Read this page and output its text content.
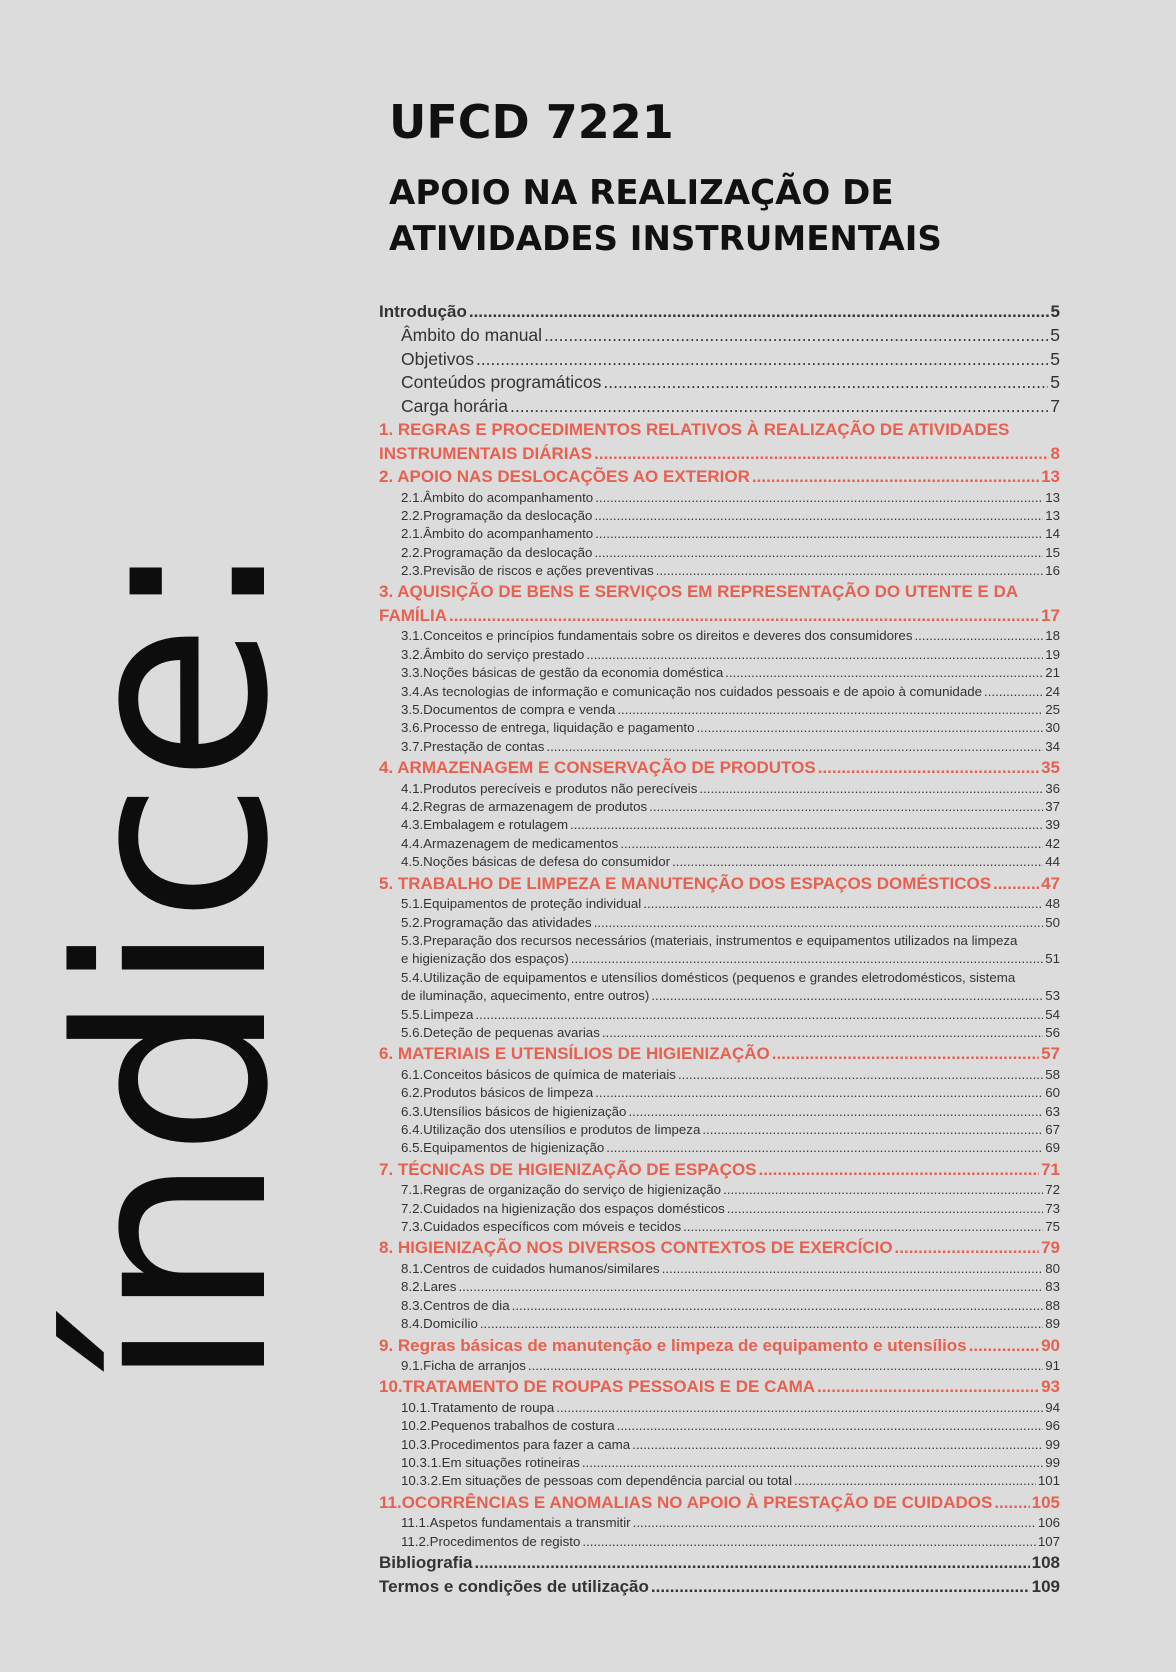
índice:
UFCD 7221
APOIO NA REALIZAÇÃO DE ATIVIDADES INSTRUMENTAIS
Introdução .....	5
Âmbito do manual .....	5
Objetivos .....	5
Conteúdos programáticos .....	5
Carga horária .....	7
1. REGRAS E PROCEDIMENTOS RELATIVOS À REALIZAÇÃO DE ATIVIDADES
INSTRUMENTAIS DIÁRIAS .....	8
2. APOIO NAS DESLOCAÇÕES AO EXTERIOR .....	13
2.1.Âmbito do acompanhamento .....	13
2.2.Programação da deslocação .....	13
2.1.Âmbito do acompanhamento .....	14
2.2.Programação da deslocação .....	15
2.3.Previsão de riscos e ações preventivas .....	16
3. AQUISIÇÃO DE BENS E SERVIÇOS EM REPRESENTAÇÃO DO UTENTE E DA
FAMÍLIA .....	17
3.1.Conceitos e princípios fundamentais sobre os direitos e deveres dos consumidores .....	18
3.2.Âmbito do serviço prestado .....	19
3.3.Noções básicas de gestão da economia doméstica .....	21
3.4.As tecnologias de informação e comunicação nos cuidados pessoais e de apoio à comunidade .....	24
3.5.Documentos de compra e venda .....	25
3.6.Processo de entrega, liquidação e pagamento .....	30
3.7.Prestação de contas .....	34
4. ARMAZENAGEM E CONSERVAÇÃO DE PRODUTOS .....	35
4.1.Produtos perecíveis e produtos não perecíveis .....	36
4.2.Regras de armazenagem de produtos .....	37
4.3.Embalagem e rotulagem .....	39
4.4.Armazenagem de medicamentos .....	42
4.5.Noções básicas de defesa do consumidor .....	44
5. TRABALHO DE LIMPEZA E MANUTENÇÃO DOS ESPAÇOS DOMÉSTICOS .....	47
5.1.Equipamentos de proteção individual .....	48
5.2.Programação das atividades .....	50
5.3.Preparação dos recursos necessários (materiais, instrumentos e equipamentos utilizados na limpeza
e higienização dos espaços) .....	51
5.4.Utilização de equipamentos e utensílios domésticos (pequenos e grandes eletrodomésticos, sistema
de iluminação, aquecimento, entre outros) .....	53
5.5.Limpeza .....	54
5.6.Deteção de pequenas avarias .....	56
6. MATERIAIS E UTENSÍLIOS DE HIGIENIZAÇÃO .....	57
6.1.Conceitos básicos de química de materiais .....	58
6.2.Produtos básicos de limpeza .....	60
6.3.Utensílios básicos de higienização .....	63
6.4.Utilização dos utensílios e produtos de limpeza .....	67
6.5.Equipamentos de higienização .....	69
7. TÉCNICAS DE HIGIENIZAÇÃO DE ESPAÇOS .....	71
7.1.Regras de organização do serviço de higienização .....	72
7.2.Cuidados na higienização dos espaços domésticos .....	73
7.3.Cuidados específicos com móveis e tecidos .....	75
8. HIGIENIZAÇÃO NOS DIVERSOS CONTEXTOS DE EXERCÍCIO .....	79
8.1.Centros de cuidados humanos/similares .....	80
8.2.Lares .....	83
8.3.Centros de dia .....	88
8.4.Domicílio .....	89
9. Regras básicas de manutenção e limpeza de equipamento e utensílios .....	90
9.1.Ficha de arranjos .....	91
10.TRATAMENTO DE ROUPAS PESSOAIS E DE CAMA .....	93
10.1.Tratamento de roupa .....	94
10.2.Pequenos trabalhos de costura .....	96
10.3.Procedimentos para fazer a cama .....	99
10.3.1.Em situações rotineiras .....	99
10.3.2.Em situações de pessoas com dependência parcial ou total .....	101
11.OCORRÊNCIAS E ANOMALIAS NO APOIO À PRESTAÇÃO DE CUIDADOS ..... 105
11.1.Aspetos fundamentais a transmitir .....	106
11.2.Procedimentos de registo .....	107
Bibliografia .....	108
Termos e condições de utilização .....	109
